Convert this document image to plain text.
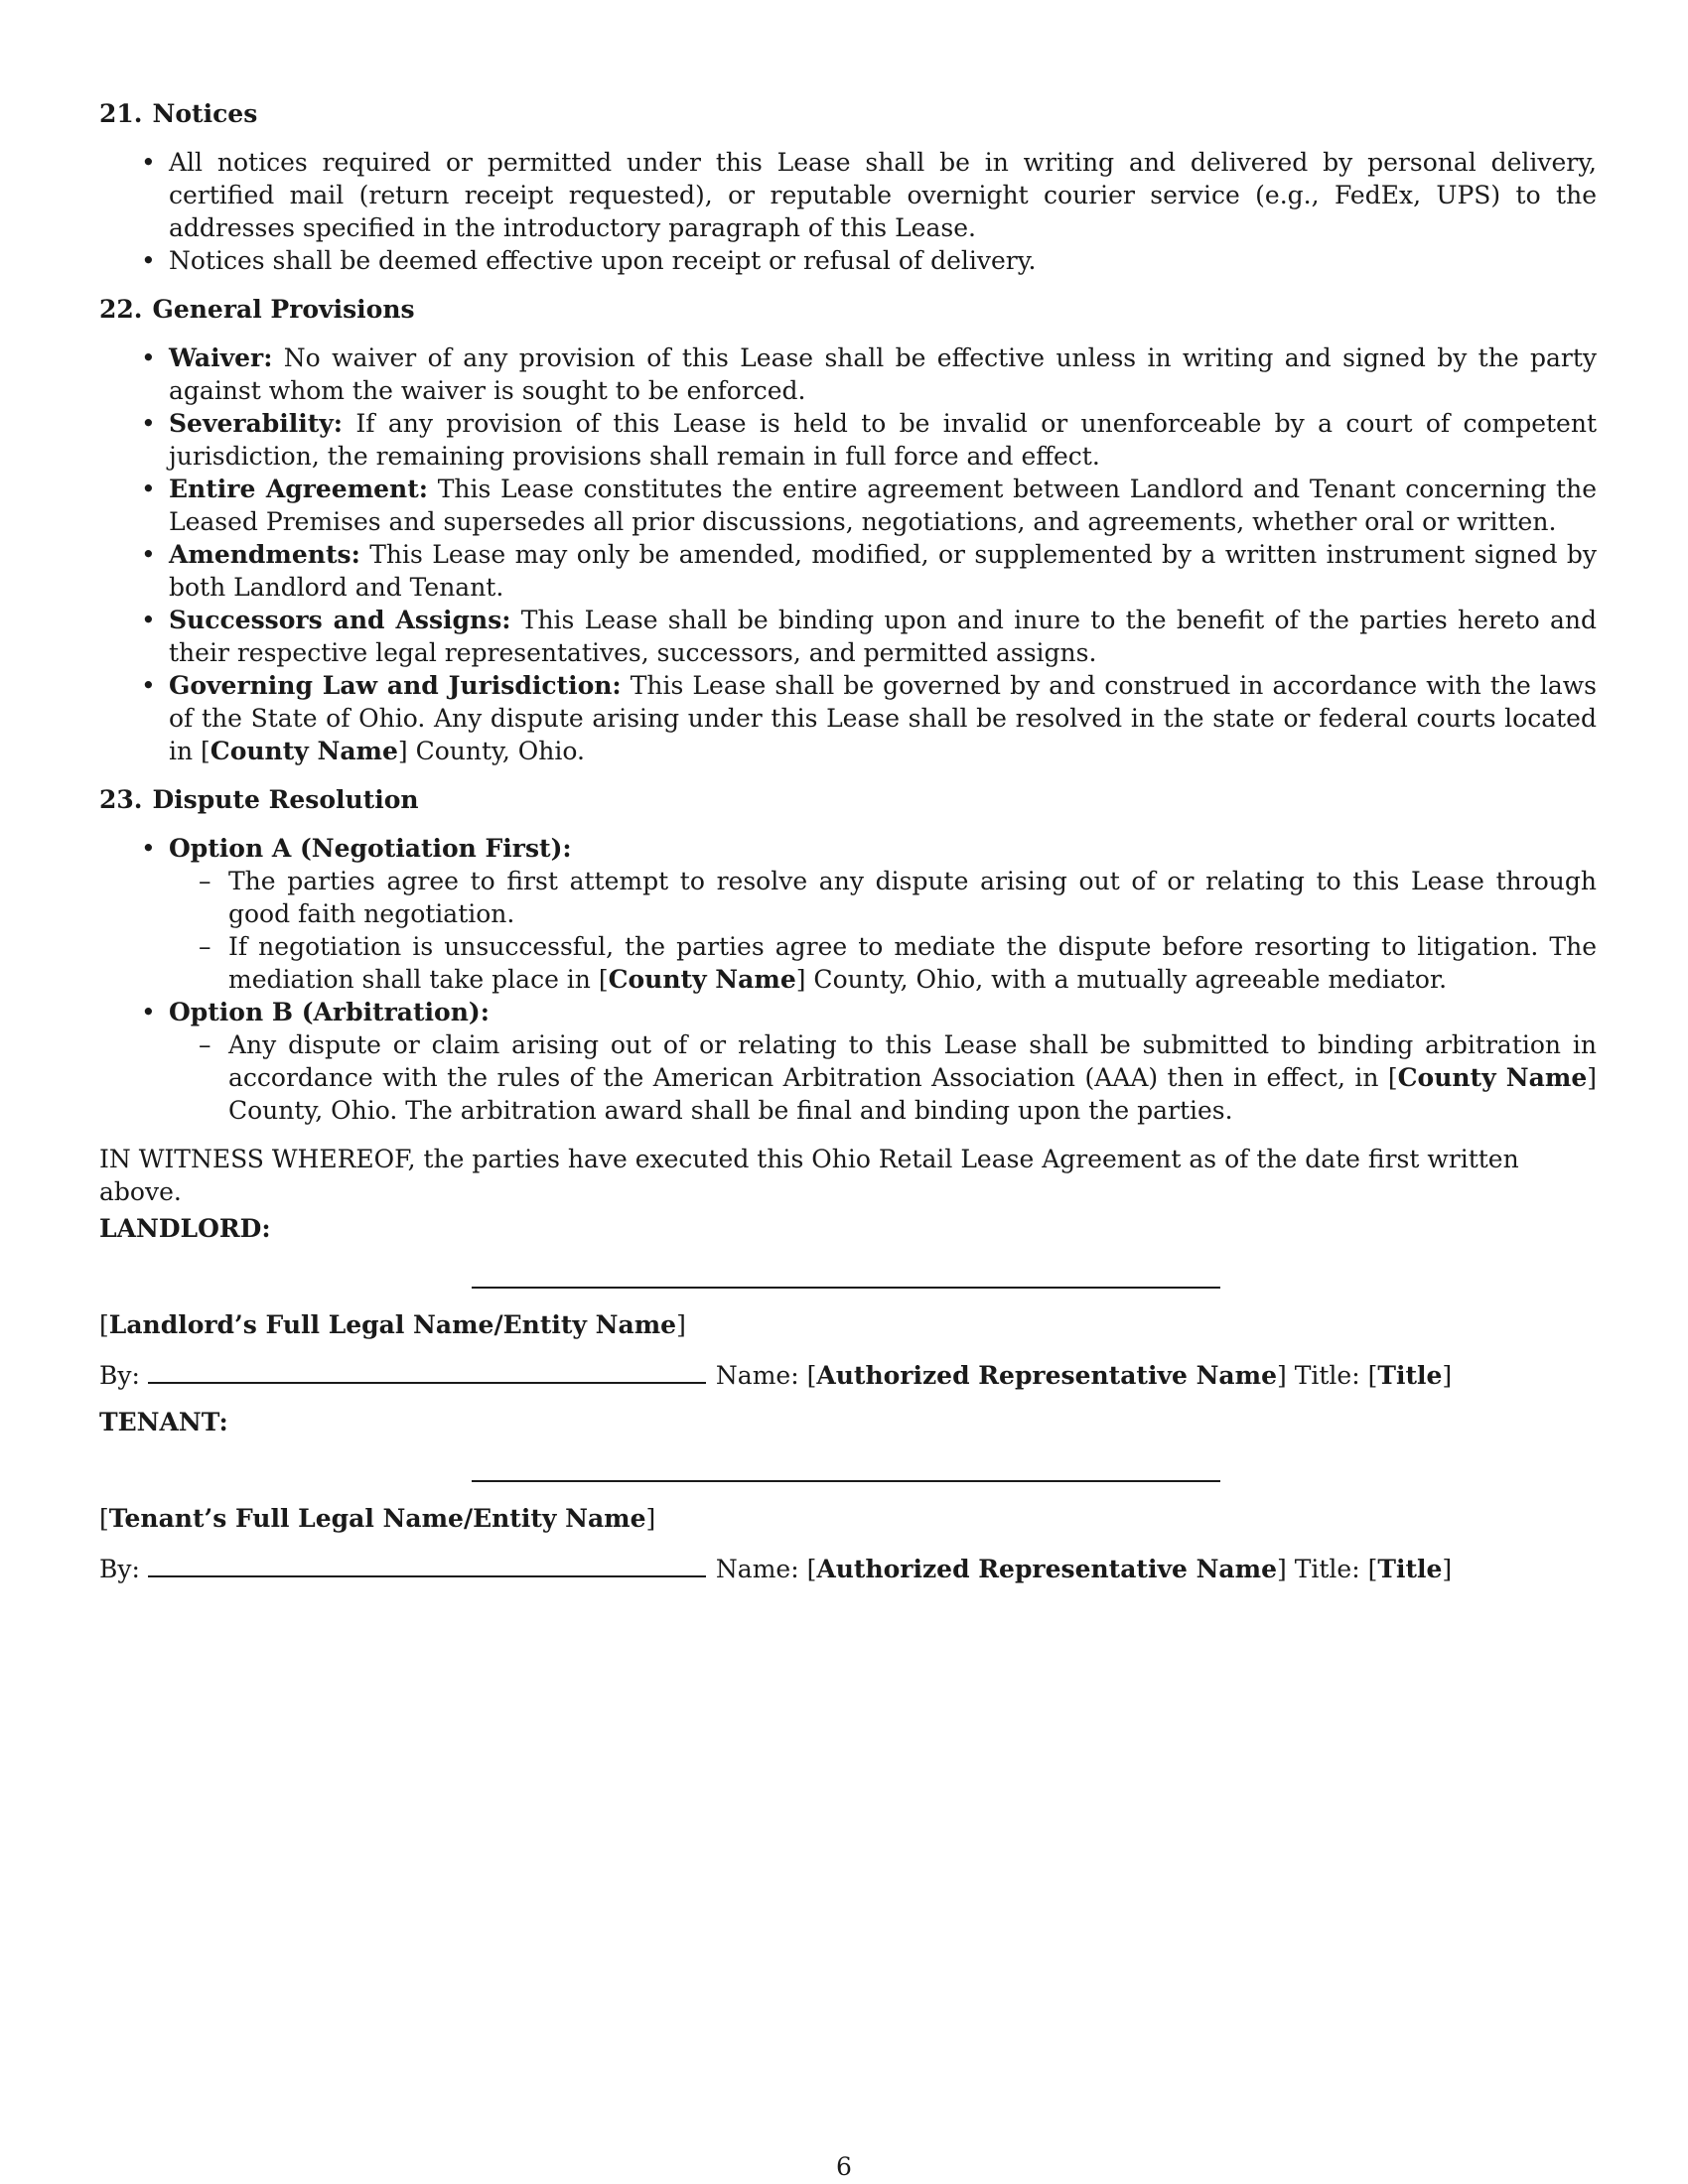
21. Notices
• All notices required or permitted under this Lease shall be in writing and delivered by personal delivery, certified mail (return receipt requested), or reputable overnight courier service (e.g., FedEx, UPS) to the addresses specified in the introductory paragraph of this Lease.
• Notices shall be deemed effective upon receipt or refusal of delivery.
22. General Provisions
• Waiver: No waiver of any provision of this Lease shall be effective unless in writing and signed by the party against whom the waiver is sought to be enforced.
• Severability: If any provision of this Lease is held to be invalid or unenforceable by a court of competent jurisdiction, the remaining provisions shall remain in full force and effect.
• Entire Agreement: This Lease constitutes the entire agreement between Landlord and Tenant concerning the Leased Premises and supersedes all prior discussions, negotiations, and agreements, whether oral or written.
• Amendments: This Lease may only be amended, modified, or supplemented by a written instrument signed by both Landlord and Tenant.
• Successors and Assigns: This Lease shall be binding upon and inure to the benefit of the parties hereto and their respective legal representatives, successors, and permitted assigns.
• Governing Law and Jurisdiction: This Lease shall be governed by and construed in accordance with the laws of the State of Ohio. Any dispute arising under this Lease shall be resolved in the state or federal courts located in [County Name] County, Ohio.
23. Dispute Resolution
• Option A (Negotiation First):
– The parties agree to first attempt to resolve any dispute arising out of or relating to this Lease through good faith negotiation.
– If negotiation is unsuccessful, the parties agree to mediate the dispute before resorting to litigation. The mediation shall take place in [County Name] County, Ohio, with a mutually agreeable mediator.
• Option B (Arbitration):
– Any dispute or claim arising out of or relating to this Lease shall be submitted to binding arbitration in accordance with the rules of the American Arbitration Association (AAA) then in effect, in [County Name] County, Ohio. The arbitration award shall be final and binding upon the parties.

IN WITNESS WHEREOF, the parties have executed this Ohio Retail Lease Agreement as of the date first written above.

LANDLORD:
[Landlord’s Full Legal Name/Entity Name]
By:	Name: [Authorized Representative Name] Title: [Title]
TENANT:
[Tenant’s Full Legal Name/Entity Name]
By:	Name: [Authorized Representative Name] Title: [Title]
6
